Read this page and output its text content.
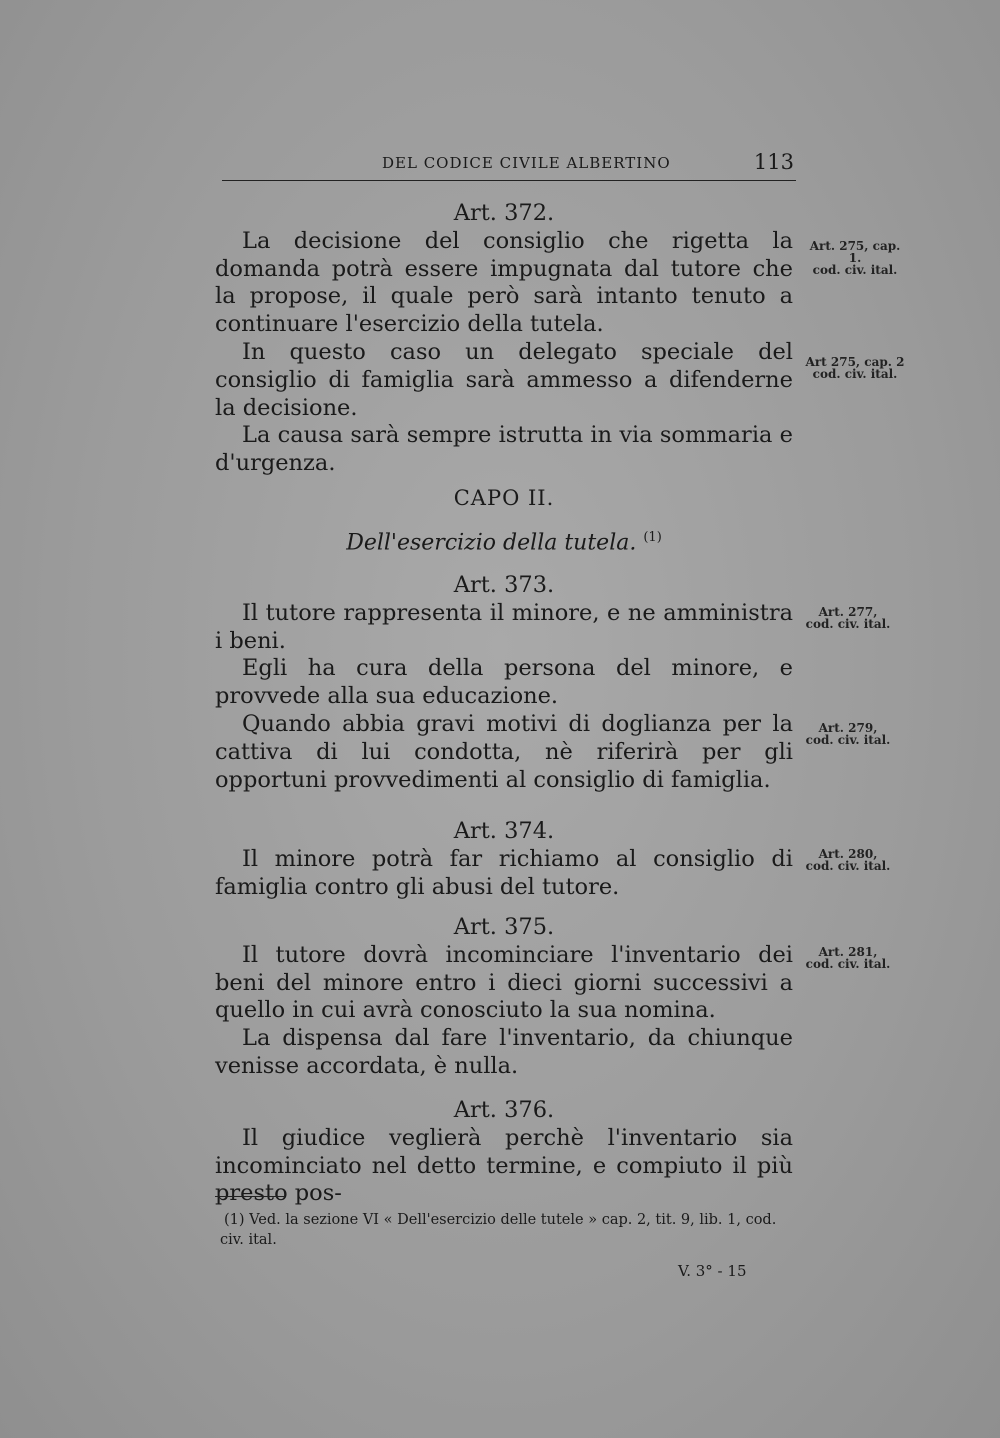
DEL CODICE CIVILE ALBERTINO	113
Art. 372.

La decisione del consiglio che rigetta la domanda potrà essere impugnata dal tutore che la propose, il quale però sarà intanto tenuto a continuare l'esercizio della tutela.

In questo caso un delegato speciale del consiglio di famiglia sarà ammesso a difenderne la decisione.

La causa sarà sempre istrutta in via sommaria e d'urgenza.

CAPO II.
Dell'esercizio della tutela. $^{(1)}$
Art. 373.

Il tutore rappresenta il minore, e ne amministra i beni.

Egli ha cura della persona del minore, e provvede alla sua educazione.

Quando abbia gravi motivi di doglianza per la cattiva di lui condotta, nè riferirà per gli opportuni provvedimenti al consiglio di famiglia.

Art. 374.

Il minore potrà far richiamo al consiglio di famiglia contro gli abusi del tutore.

Art. 375.

Il tutore dovrà incominciare l'inventario dei beni del minore entro i dieci giorni successivi a quello in cui avrà conosciuto la sua nomina.

La dispensa dal fare l'inventario, da chiunque venisse accordata, è nulla.

Art. 376.

Il giudice veglierà perchè l'inventario sia incominciato nel detto termine, e compiuto il più presto pos-

Art. 275, cap. 1.
cod. civ. ital.
Art 275, cap. 2
cod. civ. ital.
Art. 277,
cod. civ. ital.
Art. 279,
cod. civ. ital.
Art. 280,
cod. civ. ital.
Art. 281,
cod. civ. ital.
(1) Ved. la sezione VI « Dell'esercizio delle tutele » cap. 2, tit. 9, lib. 1, cod. civ. ital.
V. 3° - 15
